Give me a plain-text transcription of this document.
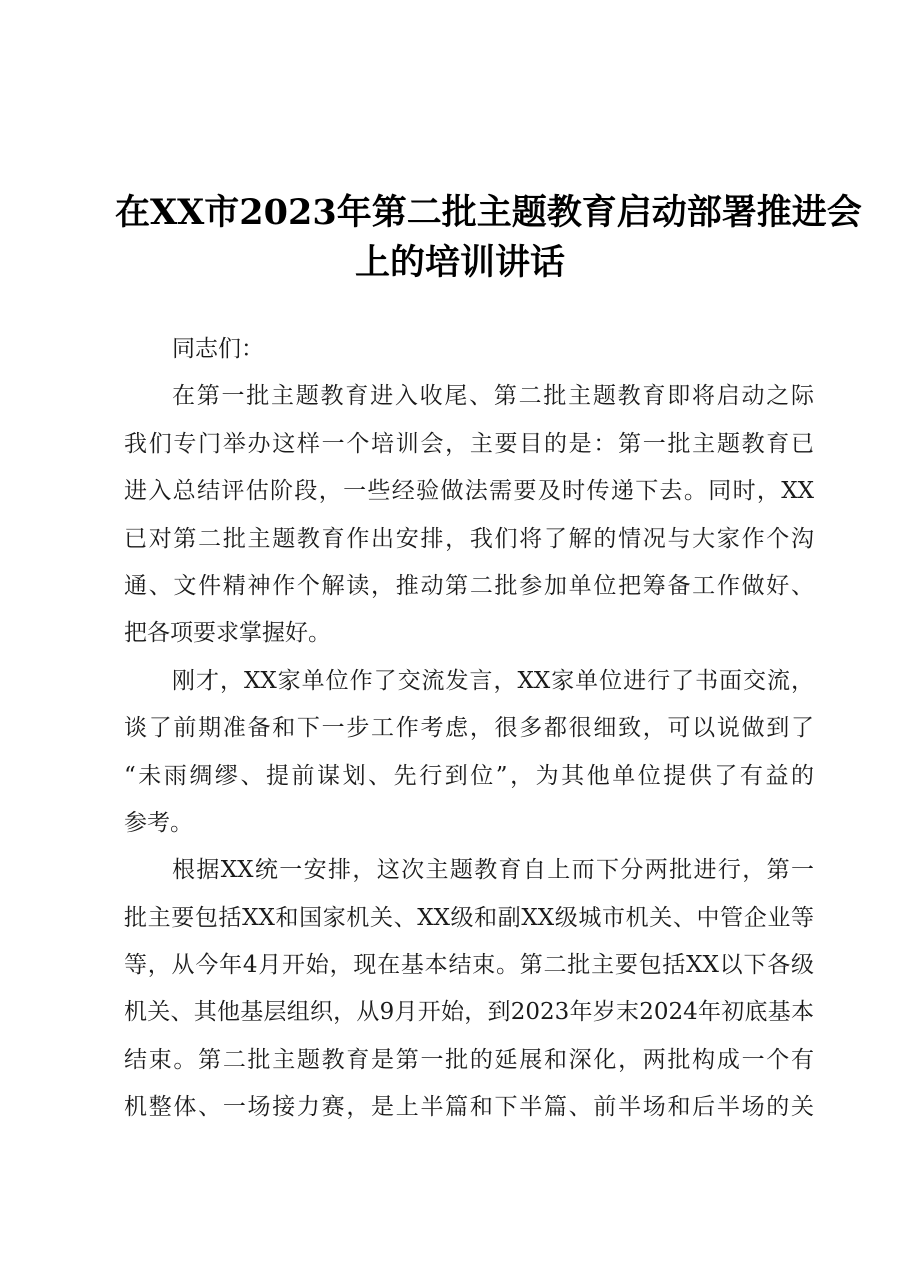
在XX市2023年第二批主题教育启动部署推进会
上的培训讲话
同志们：
在第一批主题教育进入收尾、第二批主题教育即将启动之际
我们专门举办这样一个培训会，主要目的是：第一批主题教育已
进入总结评估阶段，一些经验做法需要及时传递下去。同时，XX
已对第二批主题教育作出安排，我们将了解的情况与大家作个沟
通、文件精神作个解读，推动第二批参加单位把筹备工作做好、
把各项要求掌握好。
刚才，XX家单位作了交流发言，XX家单位进行了书面交流，
谈了前期准备和下一步工作考虑，很多都很细致，可以说做到了
“未雨绸缪、提前谋划、先行到位”，为其他单位提供了有益的
参考。
根据XX统一安排，这次主题教育自上而下分两批进行，第一
批主要包括XX和国家机关、XX级和副XX级城市机关、中管企业等
等，从今年4月开始，现在基本结束。第二批主要包括XX以下各级
机关、其他基层组织，从9月开始，到2023年岁末2024年初底基本
结束。第二批主题教育是第一批的延展和深化，两批构成一个有
机整体、一场接力赛，是上半篇和下半篇、前半场和后半场的关
